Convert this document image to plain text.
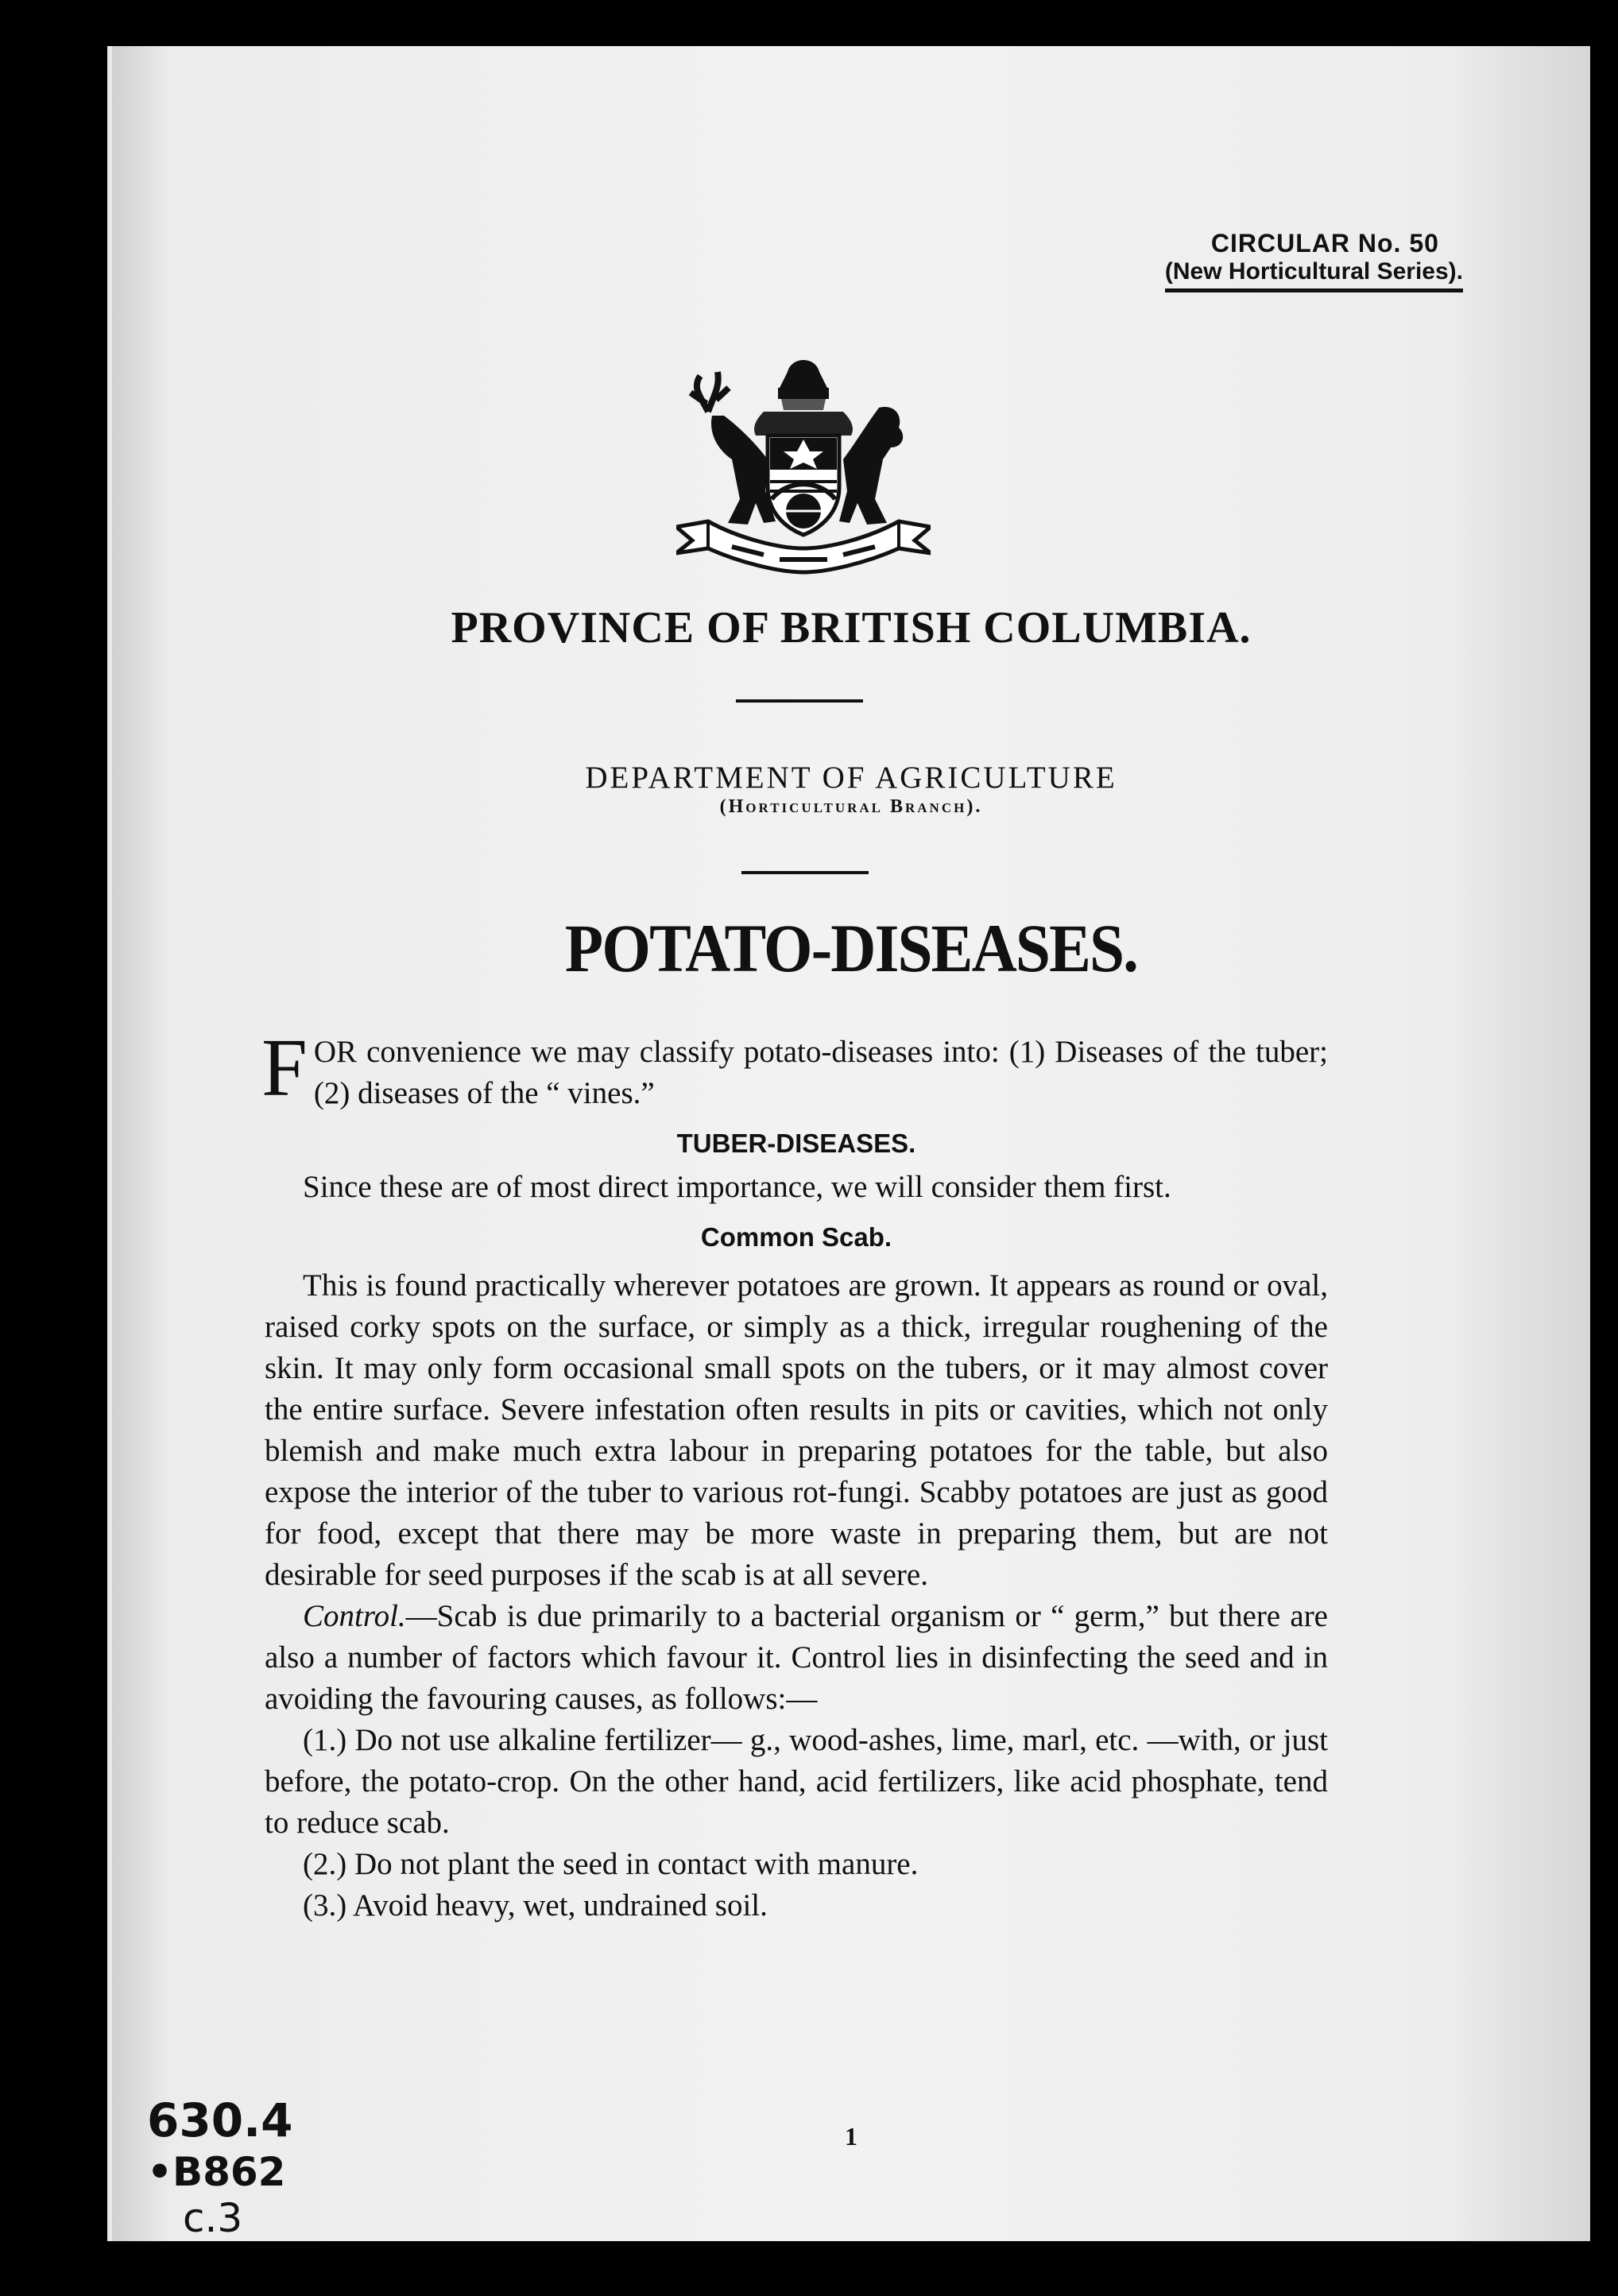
CIRCULAR No. 50
(New Horticultural Series).
PROVINCE OF BRITISH COLUMBIA.
DEPARTMENT OF AGRICULTURE
(Horticultural Branch).
POTATO-DISEASES.

FOR convenience we may classify potato-diseases into: (1) Diseases of the tuber; (2) diseases of the “ vines.”

TUBER-DISEASES.

Since these are of most direct importance, we will consider them first.

Common Scab.

This is found practically wherever potatoes are grown. It appears as round or oval, raised corky spots on the surface, or simply as a thick, irregular roughening of the skin. It may only form occasional small spots on the tubers, or it may almost cover the entire surface. Severe infestation often results in pits or cavities, which not only blemish and make much extra labour in preparing potatoes for the table, but also expose the interior of the tuber to various rot-fungi. Scabby potatoes are just as good for food, except that there may be more waste in preparing them, but are not desirable for seed purposes if the scab is at all severe.

Control.—Scab is due primarily to a bacterial organism or “ germ,” but there are also a number of factors which favour it. Control lies in disinfecting the seed and in avoiding the favouring causes, as follows:—

(1.) Do not use alkaline fertilizer— g., wood-ashes, lime, marl, etc. —with, or just before, the potato-crop. On the other hand, acid fertilizers, like acid phosphate, tend to reduce scab.

(2.) Do not plant the seed in contact with manure.

(3.) Avoid heavy, wet, undrained soil.

1
630.4
•B862
c.3
